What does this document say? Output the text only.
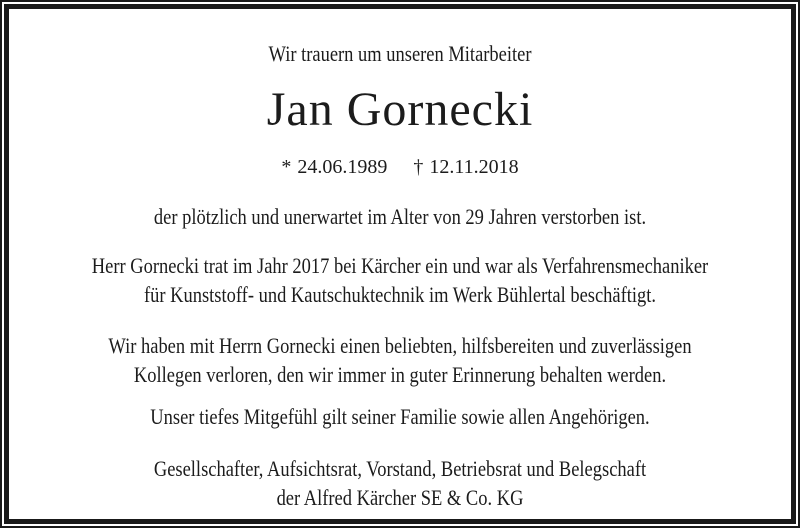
Wir trauern um unseren Mitarbeiter
Jan Gornecki
* 24.06.1989 † 12.11.2018
der plötzlich und unerwartet im Alter von 29 Jahren verstorben ist.
Herr Gornecki trat im Jahr 2017 bei Kärcher ein und war als Verfahrensmechaniker
für Kunststoff- und Kautschuktechnik im Werk Bühlertal beschäftigt.
Wir haben mit Herrn Gornecki einen beliebten, hilfsbereiten und zuverlässigen
Kollegen verloren, den wir immer in guter Erinnerung behalten werden.
Unser tiefes Mitgefühl gilt seiner Familie sowie allen Angehörigen.
Gesellschafter, Aufsichtsrat, Vorstand, Betriebsrat und Belegschaft
der Alfred Kärcher SE & Co. KG
